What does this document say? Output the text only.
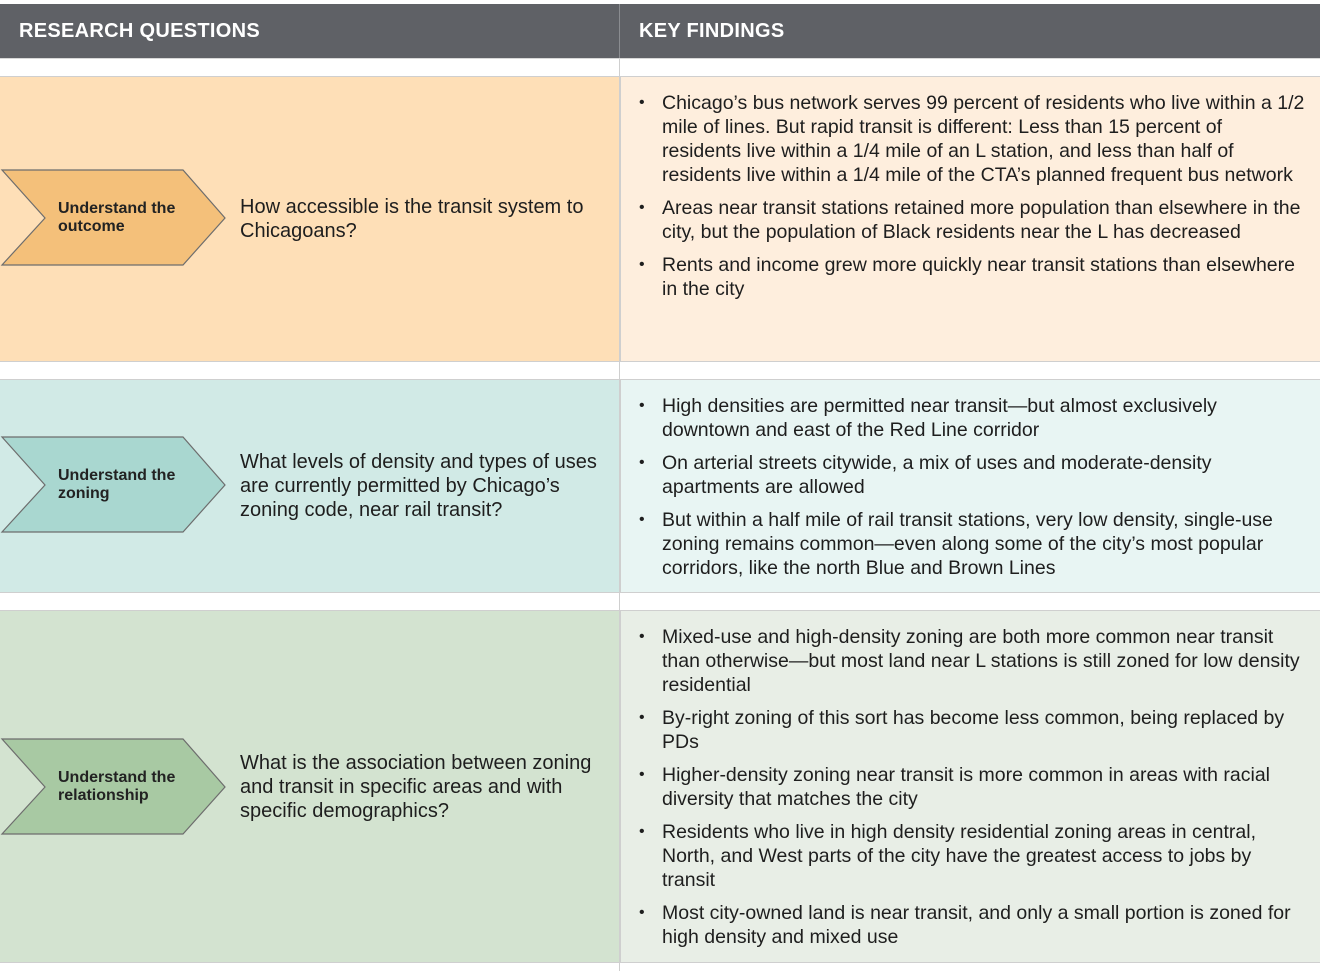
RESEARCH QUESTIONS	KEY FINDINGS
Understand the outcome
How accessible is the transit system to Chicagoans?
• Chicago’s bus network serves 99 percent of residents who live within a 1/2 mile of lines. But rapid transit is different: Less than 15 percent of residents live within a 1/4 mile of an L station, and less than half of residents live within a 1/4 mile of the CTA’s planned frequent bus network
• Areas near transit stations retained more population than elsewhere in the city, but the population of Black residents near the L has decreased
• Rents and income grew more quickly near transit stations than elsewhere in the city
Understand the zoning
What levels of density and types of uses are currently permitted by Chicago’s zoning code, near rail transit?
• High densities are permitted near transit—but almost exclusively downtown and east of the Red Line corridor
• On arterial streets citywide, a mix of uses and moderate-density apartments are allowed
• But within a half mile of rail transit stations, very low density, single-use zoning remains common—even along some of the city’s most popular corridors, like the north Blue and Brown Lines
Understand the relationship
What is the association between zoning and transit in specific areas and with specific demographics?
• Mixed-use and high-density zoning are both more common near transit than otherwise—but most land near L stations is still zoned for low density residential
• By-right zoning of this sort has become less common, being replaced by PDs
• Higher-density zoning near transit is more common in areas with racial diversity that matches the city
• Residents who live in high density residential zoning areas in central, North, and West parts of the city have the greatest access to jobs by transit
• Most city-owned land is near transit, and only a small portion is zoned for high density and mixed use
